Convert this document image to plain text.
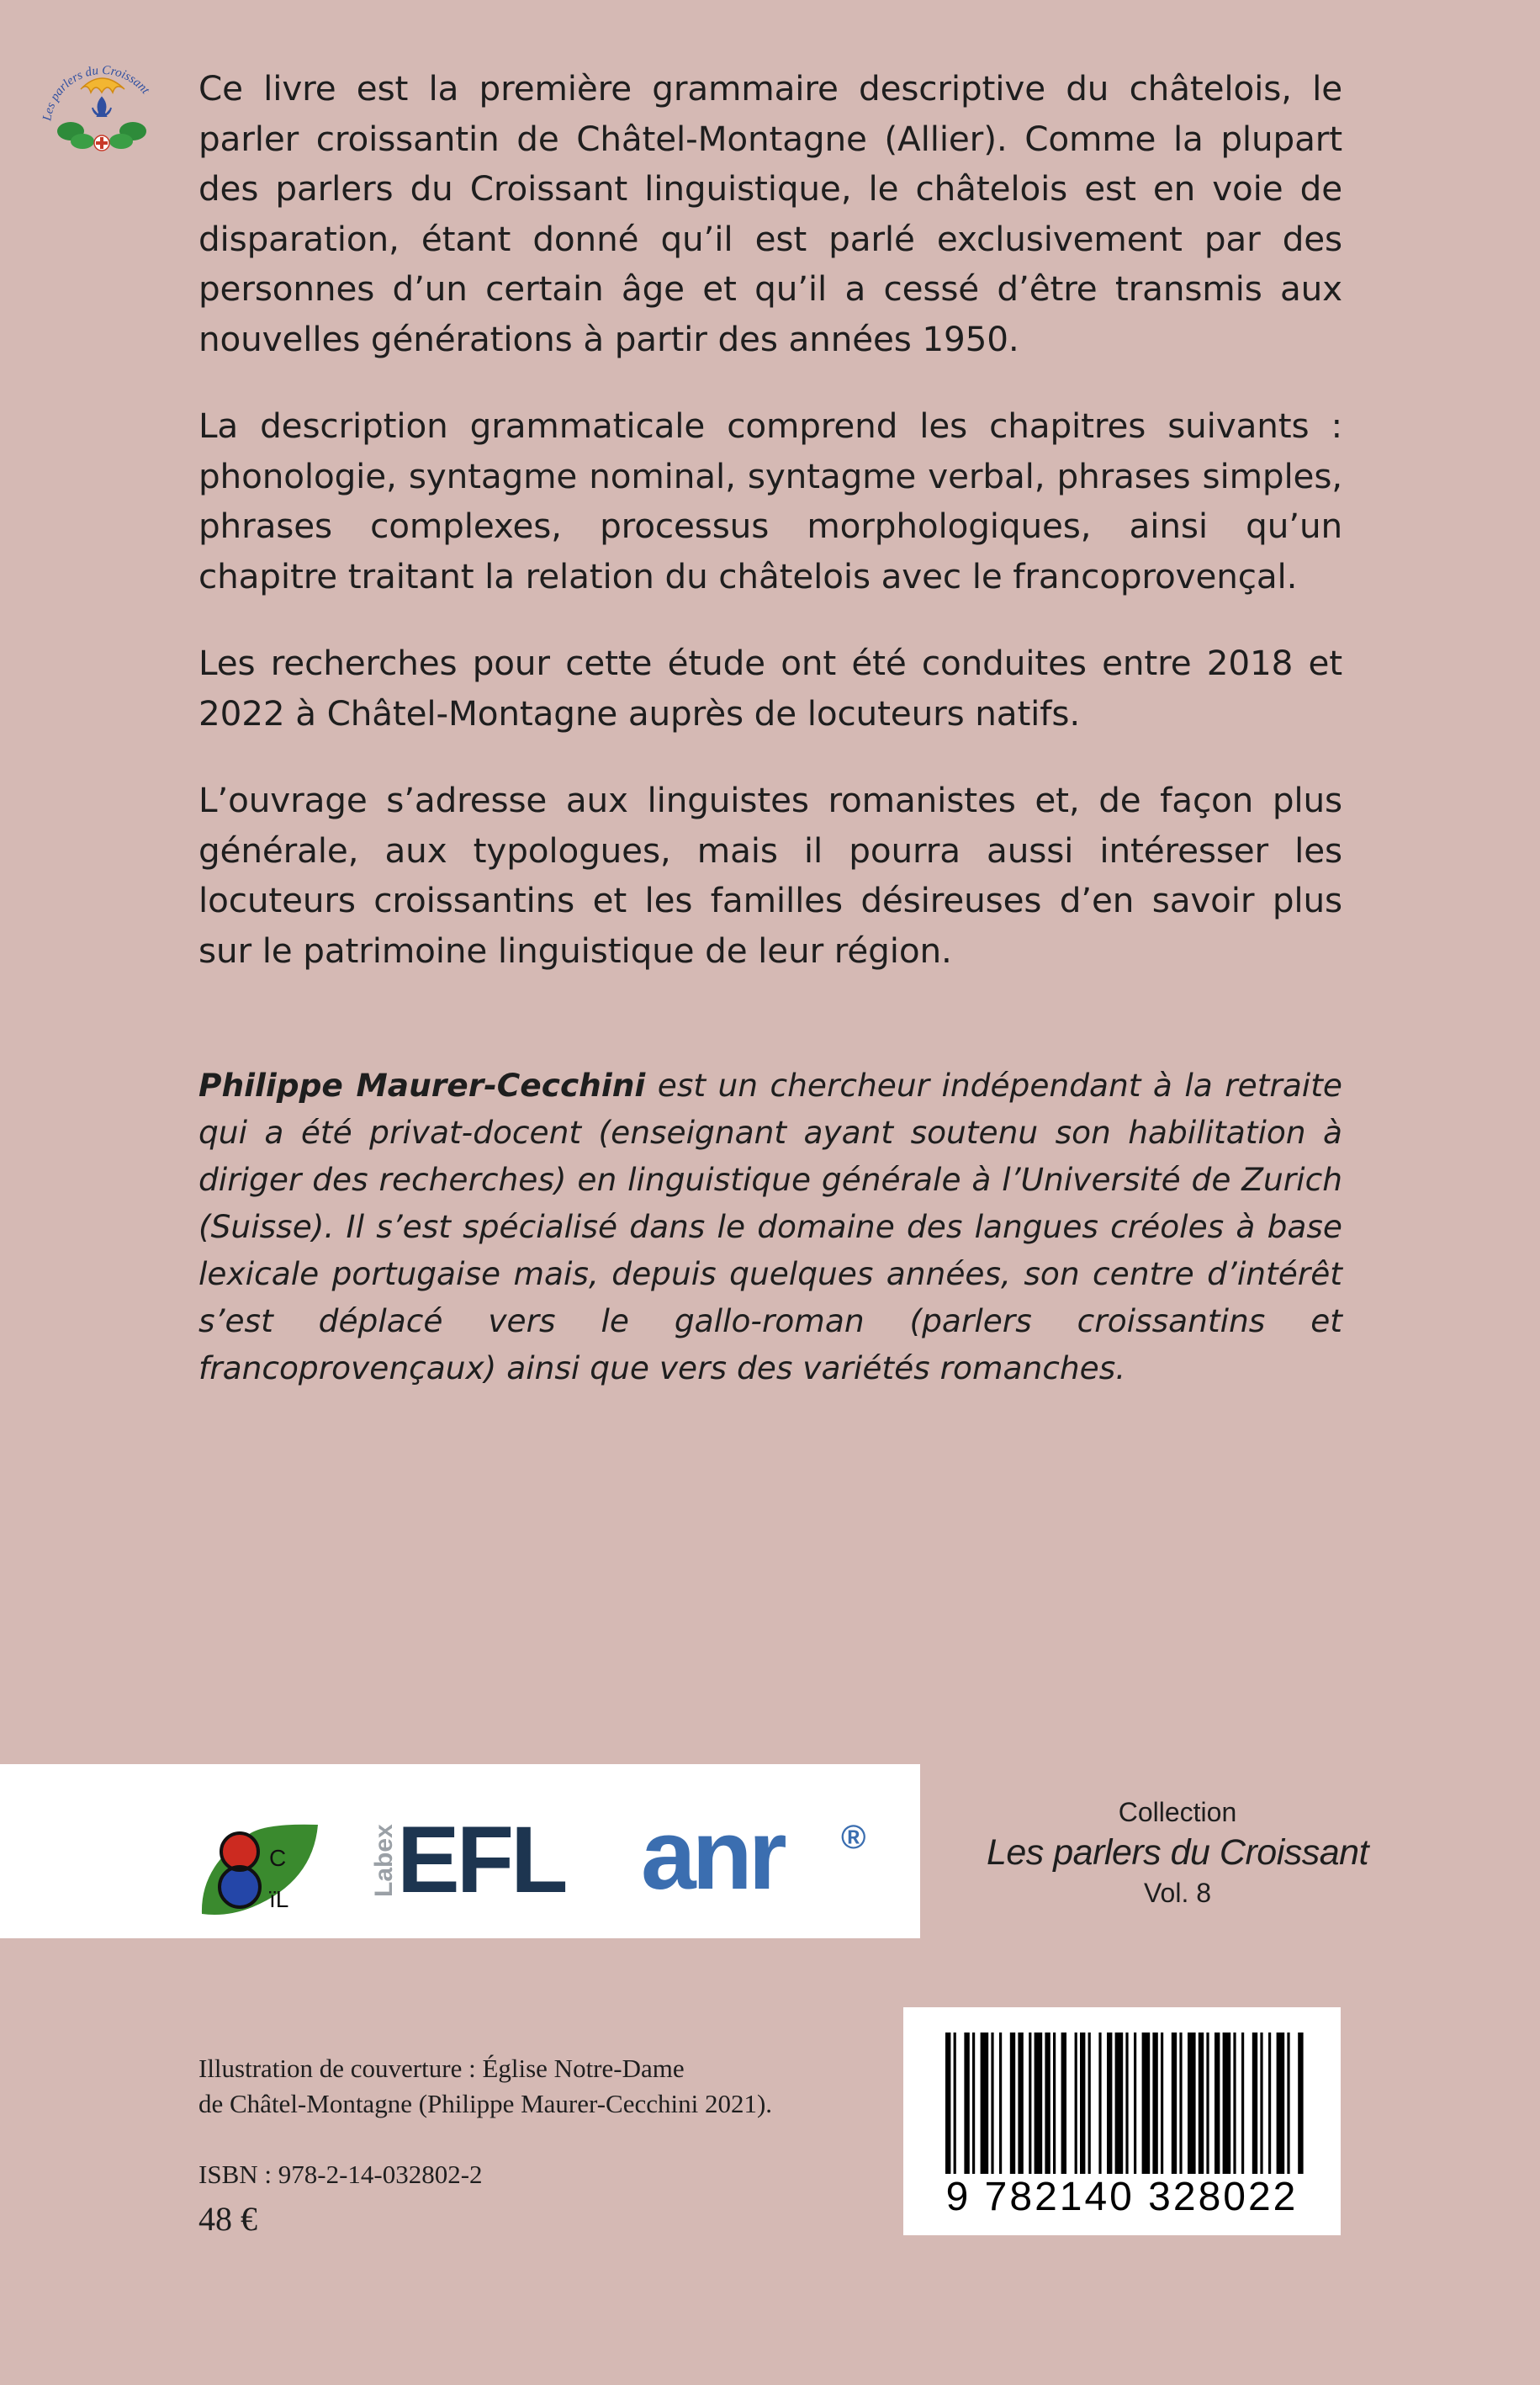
Les parlers du Croissant Ce livre est la première grammaire descriptive du châtelois, le parler croissantin de Châtel-Montagne (Allier). Comme la plupart des parlers du Croissant linguistique, le châtelois est en voie de disparation, étant donné qu’il est parlé exclusivement par des personnes d’un certain âge et qu’il a cessé d’être transmis aux nouvelles générations à partir des années 1950.

La description grammaticale comprend les chapitres suivants : phonologie, syntagme nominal, syntagme verbal, phrases simples, phrases complexes, processus morphologiques, ainsi qu’un chapitre traitant la relation du châtelois avec le francoprovençal.

Les recherches pour cette étude ont été conduites entre 2018 et 2022 à Châtel-Montagne auprès de locuteurs natifs.

L’ouvrage s’adresse aux linguistes romanistes et, de façon plus générale, aux typologues, mais il pourra aussi intéresser les locuteurs croissantins et les familles désireuses d’en savoir plus sur le patrimoine linguistique de leur région.

Philippe Maurer-Cecchini est un chercheur indépendant à la retraite qui a été privat-docent (enseignant ayant soutenu son habilitation à diriger des recherches) en linguistique générale à l’Université de Zurich (Suisse). Il s’est spécialisé dans le domaine des langues créoles à base lexicale portugaise mais, depuis quelques années, son centre d’intérêt s’est déplacé vers le gallo-roman (parlers croissantins et francoprovençaux) ainsi que vers des variétés romanches.

C
ïL
Labex EFL anr ®
Collection
Les parlers du Croissant
Vol. 8
Illustration de couverture : Église Notre-Dame
de Châtel-Montagne (Philippe Maurer-Cecchini 2021).
ISBN : 978-2-14-032802-2
48 €	9 782140 328022
